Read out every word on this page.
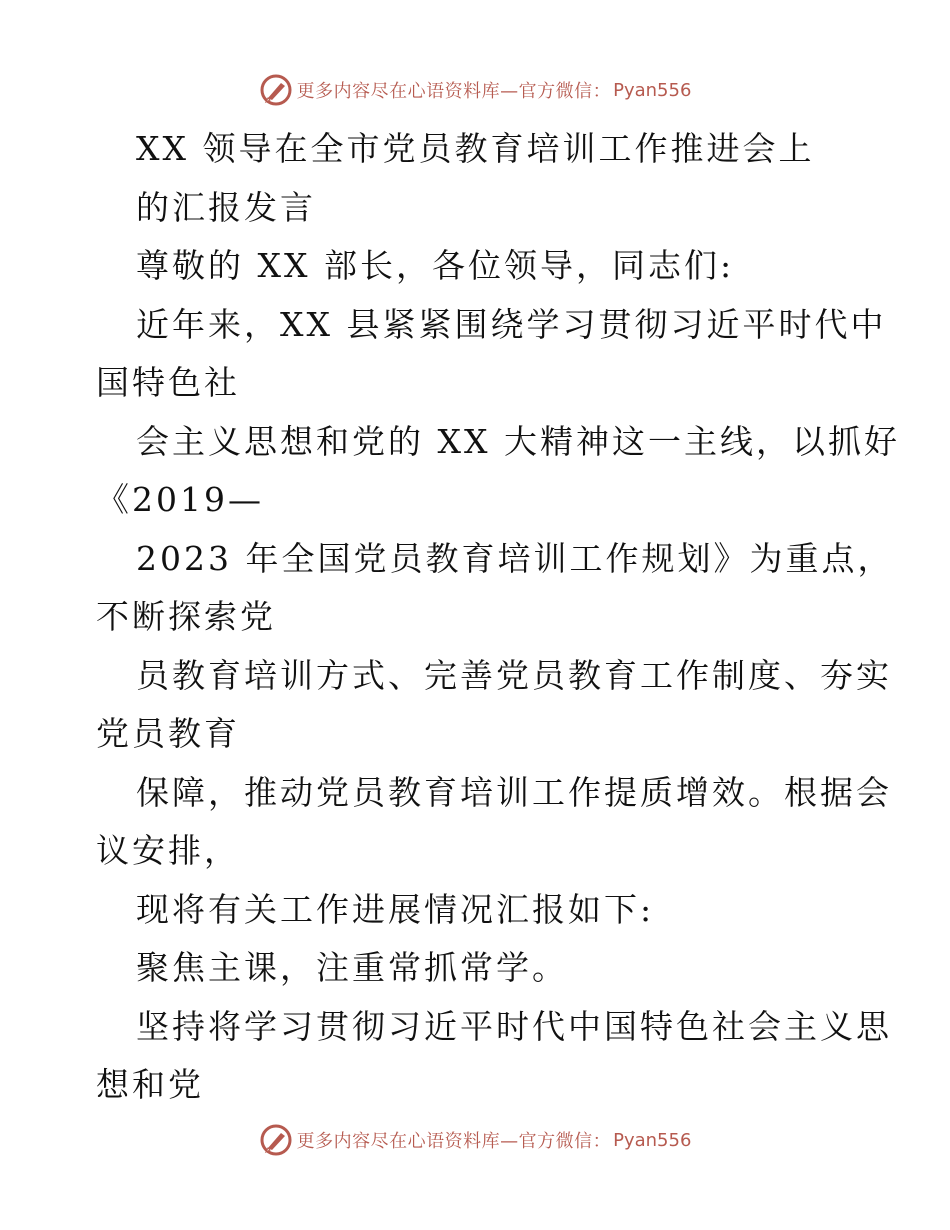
更多内容尽在心语资料库—官方微信： Pyan556
XX 领导在全市党员教育培训工作推进会上
的汇报发言
尊敬的 XX 部长，各位领导，同志们:
近年来，XX 县紧紧围绕学习贯彻习近平时代中
国特色社
会主义思想和党的 XX 大精神这一主线，以抓好
《2019—
2023 年全国党员教育培训工作规划》为重点，
不断探索党
员教育培训方式、完善党员教育工作制度、夯实
党员教育
保障，推动党员教育培训工作提质增效。根据会
议安排，
现将有关工作进展情况汇报如下:
聚焦主课，注重常抓常学。
坚持将学习贯彻习近平时代中国特色社会主义思
想和党
更多内容尽在心语资料库—官方微信： Pyan556
